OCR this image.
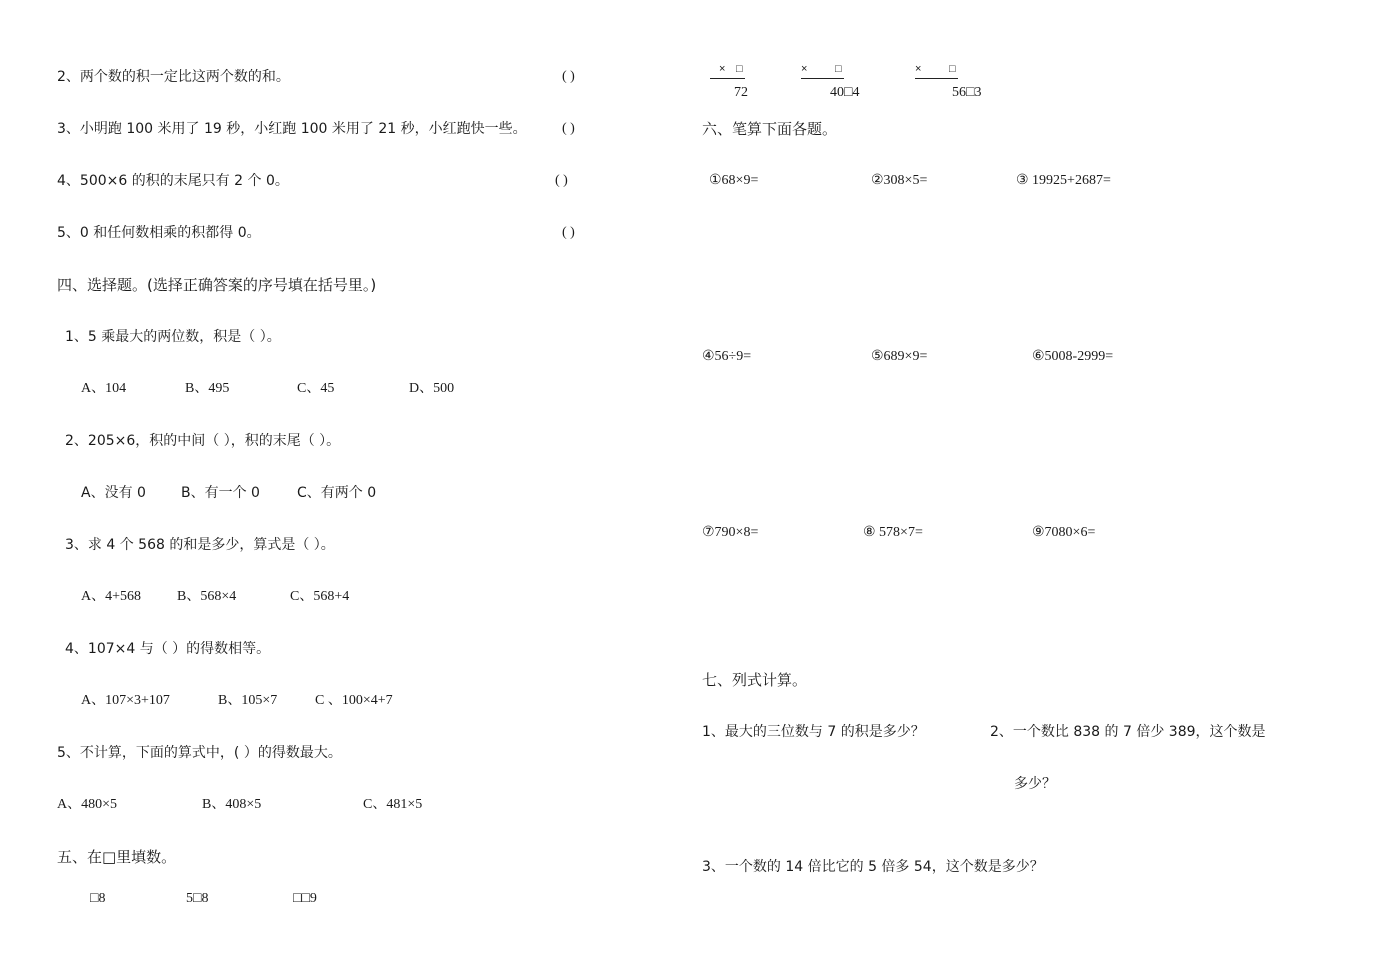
2、两个数的积一定比这两个数的和。	( )
3、小明跑 100 米用了 19 秒，小红跑 100 米用了 21 秒，小红跑快一些。	( )
4、500×6 的积的末尾只有 2 个 0。	( )
5、0 和任何数相乘的积都得 0。	( )
四、选择题。(选择正确答案的序号填在括号里。)
1、5 乘最大的两位数，积是（ ）。
A、104	B、495	C、45	D、500
2、205×6，积的中间（ ），积的末尾（ ）。
A、没有 0	B、有一个 0	C、有两个 0
3、求 4 个 568 的和是多少，算式是（ ）。
A、4+568	B、568×4	C、568+4
4、107×4 与（ ）的得数相等。
A、107×3+107	B、105×7	C 、100×4+7
5、不计算，下面的算式中，( ）的得数最大。
A、480×5	B、408×5	C、481×5
五、在□里填数。
□8	5□8	□□9
× □
72
×	□
40□4
×	□
56□3
六、笔算下面各题。
①68×9=	②308×5=	③ 19925+2687=
④56÷9=	⑤689×9=	⑥5008-2999=
⑦790×8=	⑧ 578×7=	⑨7080×6=
七、列式计算。
1、最大的三位数与 7 的积是多少？	2、一个数比 838 的 7 倍少 389，这个数是
多少？
3、一个数的 14 倍比它的 5 倍多 54，这个数是多少？
